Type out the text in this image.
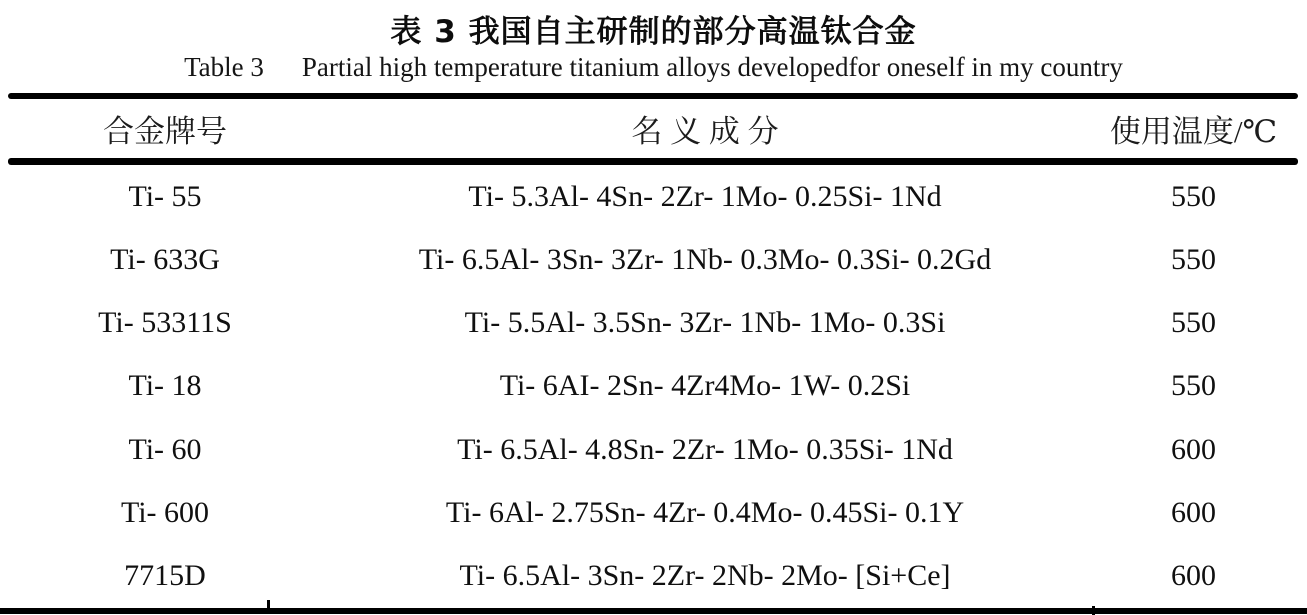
表 3 我国自主研制的部分高温钛合金
Table 3 Partial high temperature titanium alloys developedfor oneself in my country
合金牌号	名 义 成 分	使用温度/℃
Ti- 55	Ti- 5.3Al- 4Sn- 2Zr- 1Mo- 0.25Si- 1Nd	550
Ti- 633G	Ti- 6.5Al- 3Sn- 3Zr- 1Nb- 0.3Mo- 0.3Si- 0.2Gd	550
Ti- 53311S	Ti- 5.5Al- 3.5Sn- 3Zr- 1Nb- 1Mo- 0.3Si	550
Ti- 18	Ti- 6AI- 2Sn- 4Zr4Mo- 1W- 0.2Si	550
Ti- 60	Ti- 6.5Al- 4.8Sn- 2Zr- 1Mo- 0.35Si- 1Nd	600
Ti- 600	Ti- 6Al- 2.75Sn- 4Zr- 0.4Mo- 0.45Si- 0.1Y	600
7715D	Ti- 6.5Al- 3Sn- 2Zr- 2Nb- 2Mo- [Si+Ce]	600
